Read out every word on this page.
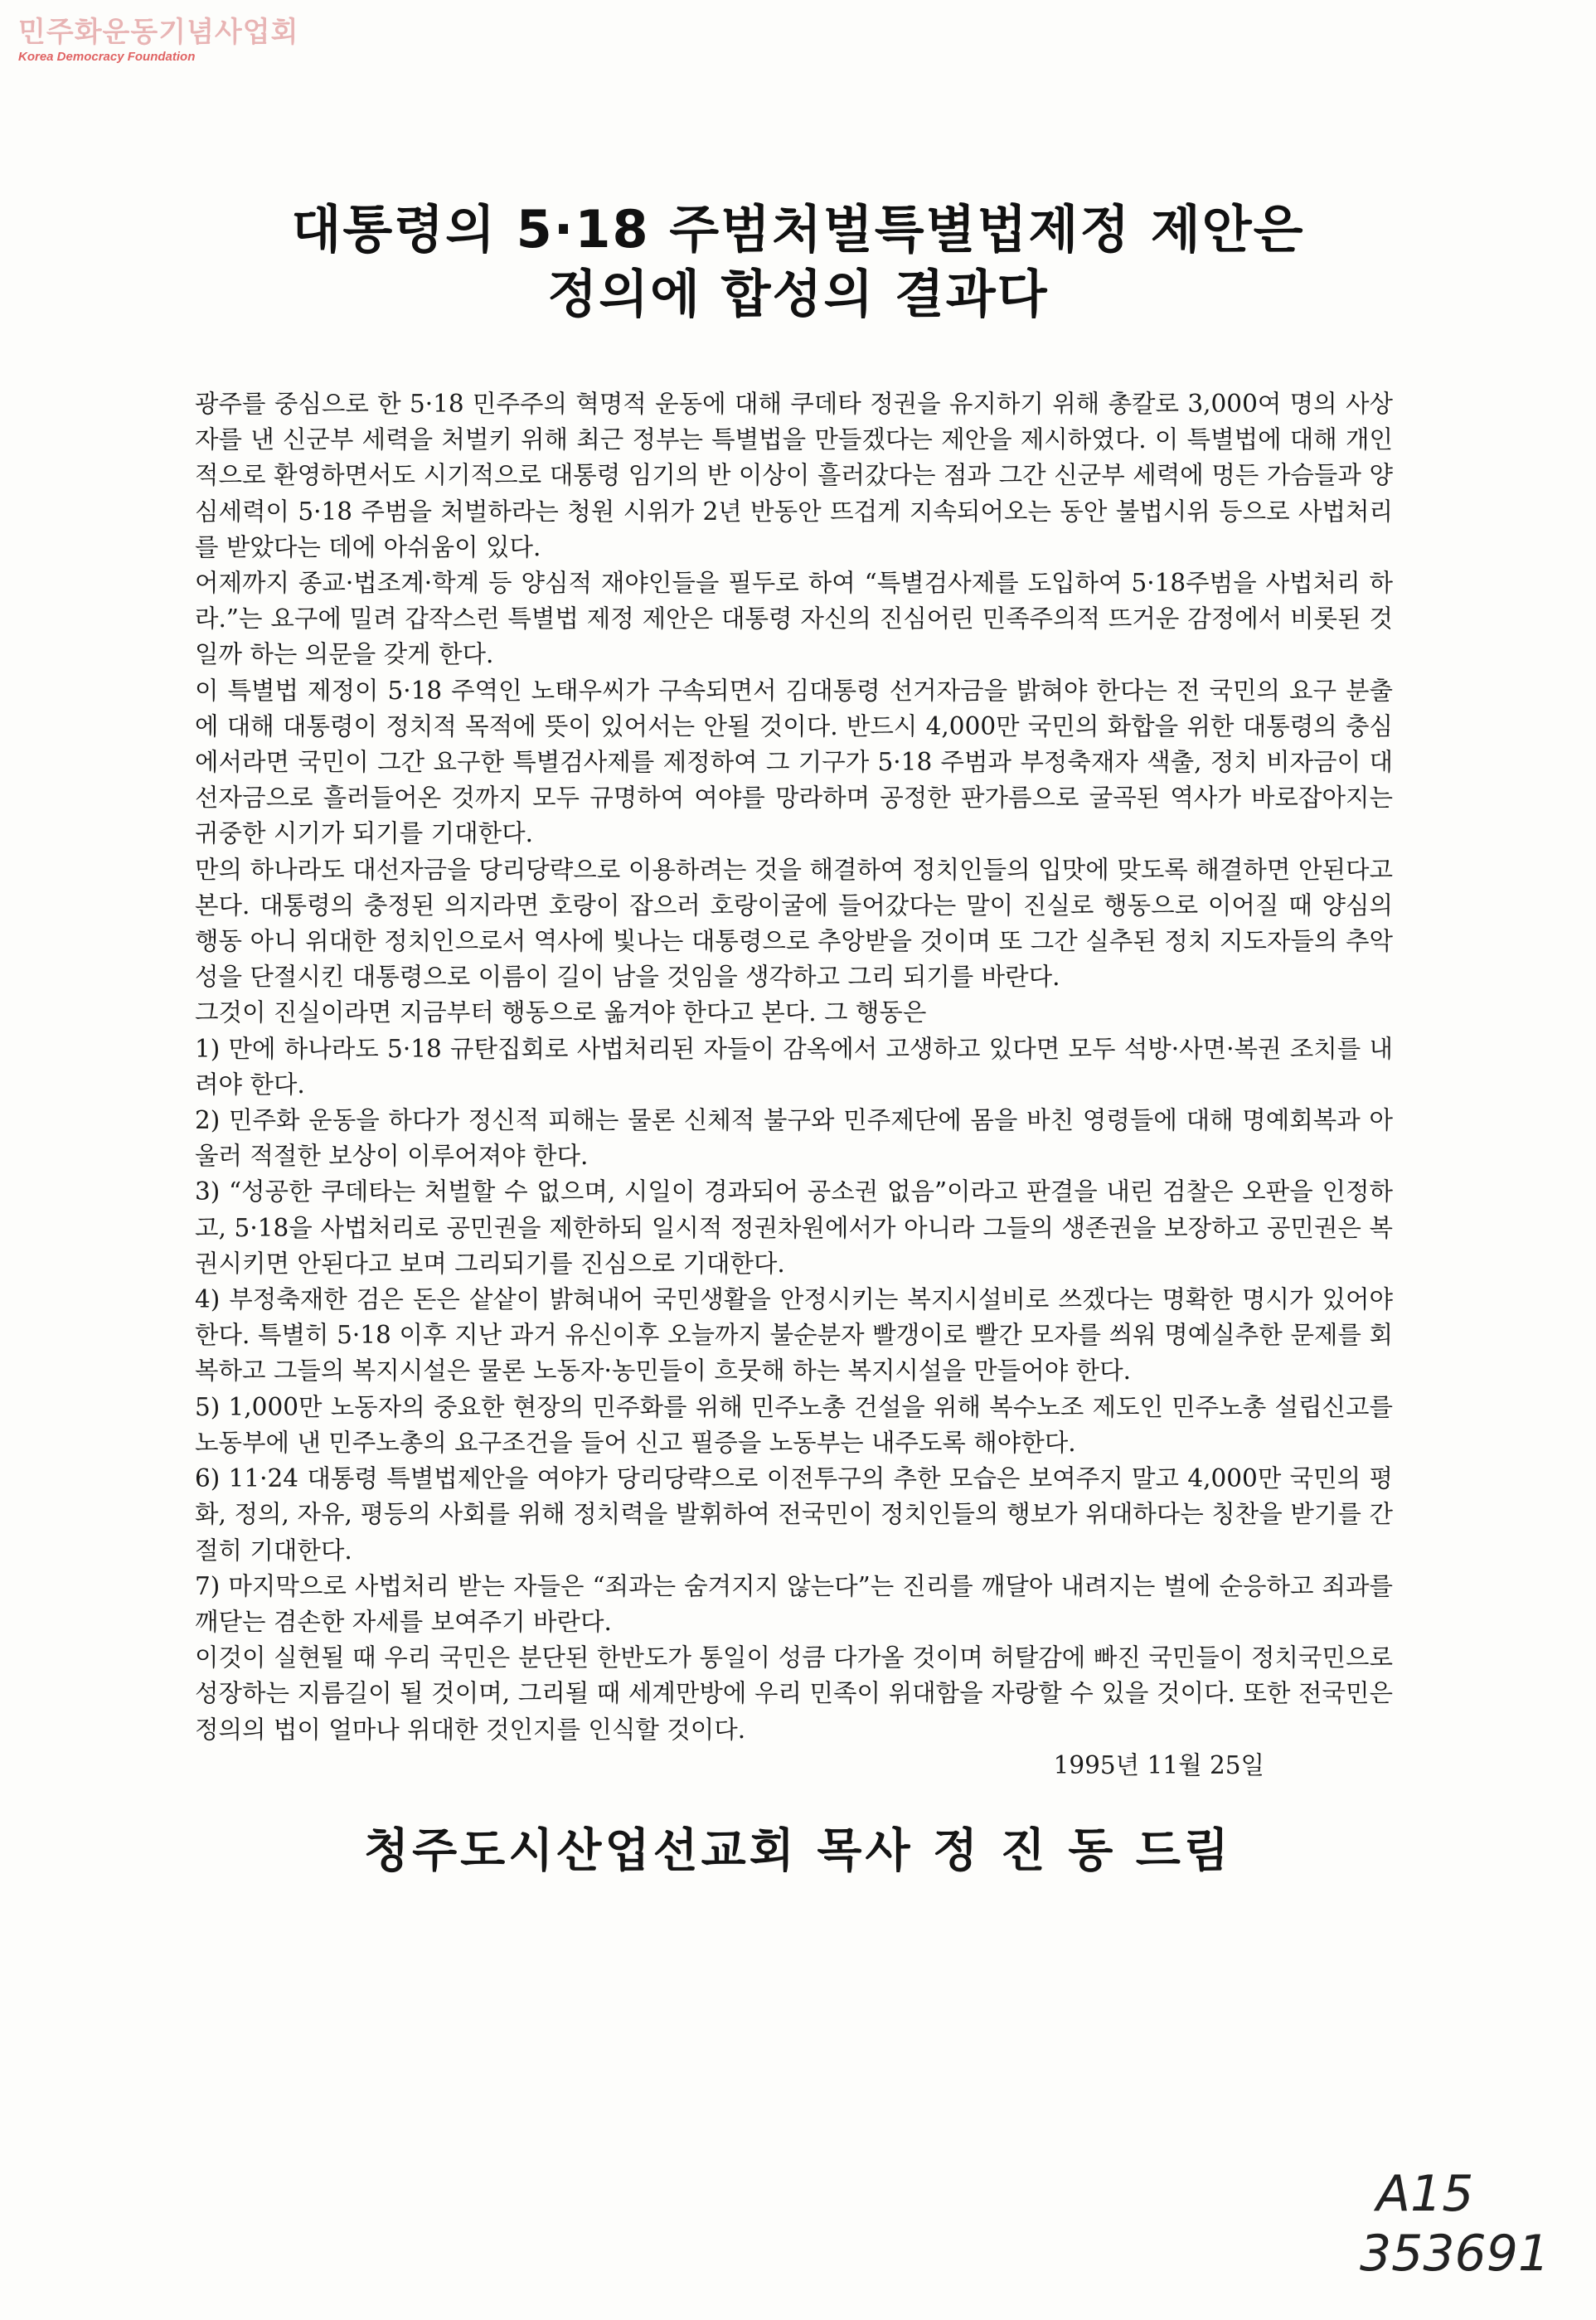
민주화운동기념사업회
Korea Democracy Foundation
대통령의 5·18 주범처벌특별법제정 제안은
정의에 합성의 결과다

광주를 중심으로 한 5·18 민주주의 혁명적 운동에 대해 쿠데타 정권을 유지하기 위해 총칼로 3,000여 명의 사상자를 낸 신군부 세력을 처벌키 위해 최근 정부는 특별법을 만들겠다는 제안을 제시하였다. 이 특별법에 대해 개인적으로 환영하면서도 시기적으로 대통령 임기의 반 이상이 흘러갔다는 점과 그간 신군부 세력에 멍든 가슴들과 양심세력이 5·18 주범을 처벌하라는 청원 시위가 2년 반동안 뜨겁게 지속되어오는 동안 불법시위 등으로 사법처리를 받았다는 데에 아쉬움이 있다.

어제까지 종교·법조계·학계 등 양심적 재야인들을 필두로 하여 “특별검사제를 도입하여 5·18주범을 사법처리 하라.”는 요구에 밀려 갑작스런 특별법 제정 제안은 대통령 자신의 진심어린 민족주의적 뜨거운 감정에서 비롯된 것일까 하는 의문을 갖게 한다.

이 특별법 제정이 5·18 주역인 노태우씨가 구속되면서 김대통령 선거자금을 밝혀야 한다는 전 국민의 요구 분출에 대해 대통령이 정치적 목적에 뜻이 있어서는 안될 것이다. 반드시 4,000만 국민의 화합을 위한 대통령의 충심에서라면 국민이 그간 요구한 특별검사제를 제정하여 그 기구가 5·18 주범과 부정축재자 색출, 정치 비자금이 대선자금으로 흘러들어온 것까지 모두 규명하여 여야를 망라하며 공정한 판가름으로 굴곡된 역사가 바로잡아지는 귀중한 시기가 되기를 기대한다.

만의 하나라도 대선자금을 당리당략으로 이용하려는 것을 해결하여 정치인들의 입맛에 맞도록 해결하면 안된다고 본다. 대통령의 충정된 의지라면 호랑이 잡으러 호랑이굴에 들어갔다는 말이 진실로 행동으로 이어질 때 양심의 행동 아니 위대한 정치인으로서 역사에 빛나는 대통령으로 추앙받을 것이며 또 그간 실추된 정치 지도자들의 추악성을 단절시킨 대통령으로 이름이 길이 남을 것임을 생각하고 그리 되기를 바란다.

그것이 진실이라면 지금부터 행동으로 옮겨야 한다고 본다. 그 행동은

1) 만에 하나라도 5·18 규탄집회로 사법처리된 자들이 감옥에서 고생하고 있다면 모두 석방·사면·복권 조치를 내려야 한다.

2) 민주화 운동을 하다가 정신적 피해는 물론 신체적 불구와 민주제단에 몸을 바친 영령들에 대해 명예회복과 아울러 적절한 보상이 이루어져야 한다.

3) “성공한 쿠데타는 처벌할 수 없으며, 시일이 경과되어 공소권 없음”이라고 판결을 내린 검찰은 오판을 인정하고, 5·18을 사법처리로 공민권을 제한하되 일시적 정권차원에서가 아니라 그들의 생존권을 보장하고 공민권은 복권시키면 안된다고 보며 그리되기를 진심으로 기대한다.

4) 부정축재한 검은 돈은 샅샅이 밝혀내어 국민생활을 안정시키는 복지시설비로 쓰겠다는 명확한 명시가 있어야 한다. 특별히 5·18 이후 지난 과거 유신이후 오늘까지 불순분자 빨갱이로 빨간 모자를 씌워 명예실추한 문제를 회복하고 그들의 복지시설은 물론 노동자·농민들이 흐뭇해 하는 복지시설을 만들어야 한다.

5) 1,000만 노동자의 중요한 현장의 민주화를 위해 민주노총 건설을 위해 복수노조 제도인 민주노총 설립신고를 노동부에 낸 민주노총의 요구조건을 들어 신고 필증을 노동부는 내주도록 해야한다.

6) 11·24 대통령 특별법제안을 여야가 당리당략으로 이전투구의 추한 모습은 보여주지 말고 4,000만 국민의 평화, 정의, 자유, 평등의 사회를 위해 정치력을 발휘하여 전국민이 정치인들의 행보가 위대하다는 칭찬을 받기를 간절히 기대한다.

7) 마지막으로 사법처리 받는 자들은 “죄과는 숨겨지지 않는다”는 진리를 깨달아 내려지는 벌에 순응하고 죄과를 깨닫는 겸손한 자세를 보여주기 바란다.

이것이 실현될 때 우리 국민은 분단된 한반도가 통일이 성큼 다가올 것이며 허탈감에 빠진 국민들이 정치국민으로 성장하는 지름길이 될 것이며, 그리될 때 세계만방에 우리 민족이 위대함을 자랑할 수 있을 것이다. 또한 전국민은 정의의 법이 얼마나 위대한 것인지를 인식할 것이다.

1995년 11월 25일

청주도시산업선교회 목사 정 진 동 드림
A15
353691
